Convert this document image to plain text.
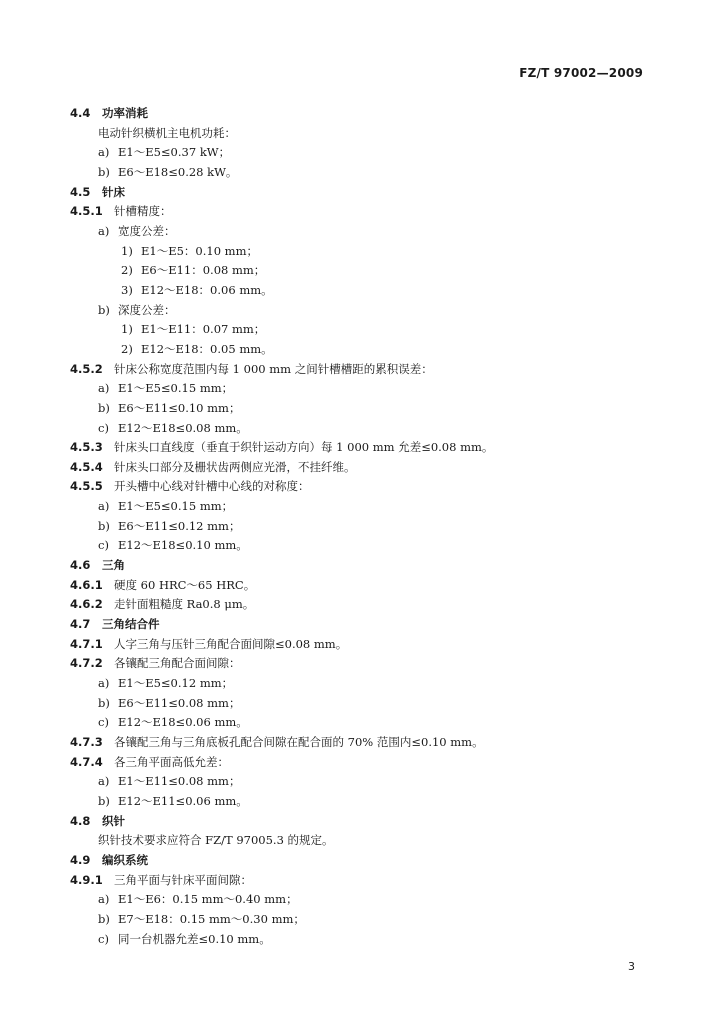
FZ/T 97002—2009
4.4	功率消耗
电动针织横机主电机功耗：
a) E1～E5≤0.37 kW；
b) E6～E18≤0.28 kW。
4.5	针床
4.5.1 针槽精度：
a) 宽度公差：
1) E1～E5：0.10 mm；
2) E6～E11：0.08 mm；
3) E12～E18：0.06 mm。
b) 深度公差：
1) E1～E11：0.07 mm；
2) E12～E18：0.05 mm。
4.5.2 针床公称宽度范围内每 1 000 mm 之间针槽槽距的累积误差：
a) E1～E5≤0.15 mm；
b) E6～E11≤0.10 mm；
c) E12～E18≤0.08 mm。
4.5.3 针床头口直线度（垂直于织针运动方向）每 1 000 mm 允差≤0.08 mm。
4.5.4 针床头口部分及栅状齿两侧应光滑，不挂纤维。
4.5.5 开头槽中心线对针槽中心线的对称度：
a) E1～E5≤0.15 mm；
b) E6～E11≤0.12 mm；
c) E12～E18≤0.10 mm。
4.6	三角
4.6.1 硬度 60 HRC～65 HRC。
4.6.2 走针面粗糙度 Ra0.8 μm。
4.7	三角结合件
4.7.1 人字三角与压针三角配合面间隙≤0.08 mm。
4.7.2 各镶配三角配合面间隙：
a) E1～E5≤0.12 mm；
b) E6～E11≤0.08 mm；
c) E12～E18≤0.06 mm。
4.7.3 各镶配三角与三角底板孔配合间隙在配合面的 70% 范围内≤0.10 mm。
4.7.4 各三角平面高低允差：
a) E1～E11≤0.08 mm；
b) E12～E11≤0.06 mm。
4.8	织针
织针技术要求应符合 FZ/T 97005.3 的规定。
4.9	编织系统
4.9.1 三角平面与针床平面间隙：
a) E1～E6：0.15 mm～0.40 mm；
b) E7～E18：0.15 mm～0.30 mm；
c) 同一台机器允差≤0.10 mm。
3
